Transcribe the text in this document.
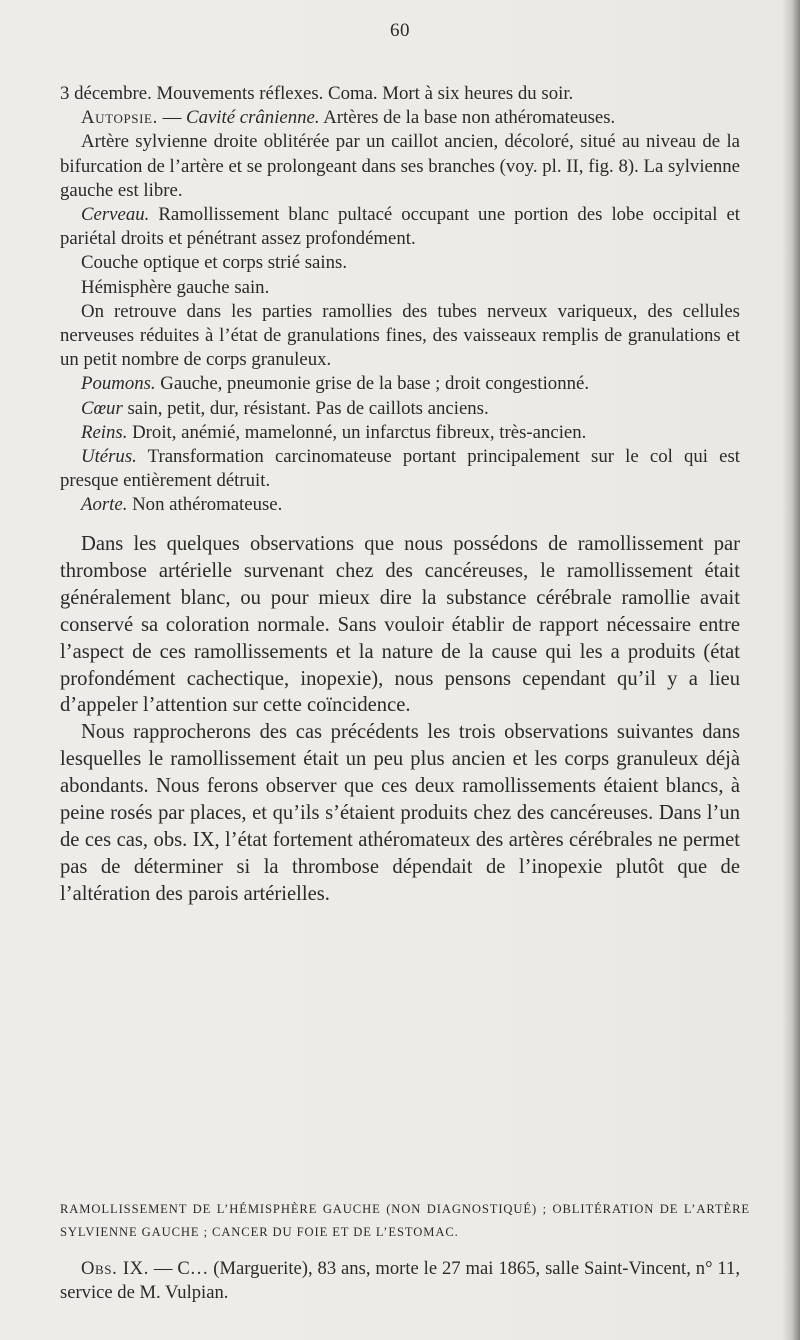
60

3 décembre. Mouvements réflexes. Coma. Mort à six heures du soir.

Autopsie. — Cavité crânienne. Artères de la base non athéromateuses.

Artère sylvienne droite oblitérée par un caillot ancien, décoloré, situé au niveau de la bifurcation de l’artère et se prolongeant dans ses branches (voy. pl. II, fig. 8). La sylvienne gauche est libre.

Cerveau. Ramollissement blanc pultacé occupant une portion des lobe occipital et pariétal droits et pénétrant assez profondément.

Couche optique et corps strié sains.

Hémisphère gauche sain.

On retrouve dans les parties ramollies des tubes nerveux variqueux, des cellules nerveuses réduites à l’état de granulations fines, des vaisseaux remplis de granulations et un petit nombre de corps granuleux.

Poumons. Gauche, pneumonie grise de la base ; droit congestionné.

Cœur sain, petit, dur, résistant. Pas de caillots anciens.

Reins. Droit, anémié, mamelonné, un infarctus fibreux, très-ancien.

Utérus. Transformation carcinomateuse portant principalement sur le col qui est presque entièrement détruit.

Aorte. Non athéromateuse.

Dans les quelques observations que nous possédons de ramollissement par thrombose artérielle survenant chez des cancéreuses, le ramollissement était généralement blanc, ou pour mieux dire la substance cérébrale ramollie avait conservé sa coloration normale. Sans vouloir établir de rapport nécessaire entre l’aspect de ces ramollissements et la nature de la cause qui les a produits (état profondément cachectique, inopexie), nous pensons cependant qu’il y a lieu d’appeler l’attention sur cette coïncidence.

Nous rapprocherons des cas précédents les trois observations suivantes dans lesquelles le ramollissement était un peu plus ancien et les corps granuleux déjà abondants. Nous ferons observer que ces deux ramollissements étaient blancs, à peine rosés par places, et qu’ils s’étaient produits chez des cancéreuses. Dans l’un de ces cas, obs. IX, l’état fortement athéromateux des artères cérébrales ne permet pas de déterminer si la thrombose dépendait de l’inopexie plutôt que de l’altération des parois artérielles.

RAMOLLISSEMENT DE L’HÉMISPHÈRE GAUCHE (NON DIAGNOSTIQUÉ) ; OBLITÉRATION DE L’ARTÈRE SYLVIENNE GAUCHE ; CANCER DU FOIE ET DE L’ESTOMAC.

Obs. IX. — C… (Marguerite), 83 ans, morte le 27 mai 1865, salle Saint-Vincent, n° 11, service de M. Vulpian.
